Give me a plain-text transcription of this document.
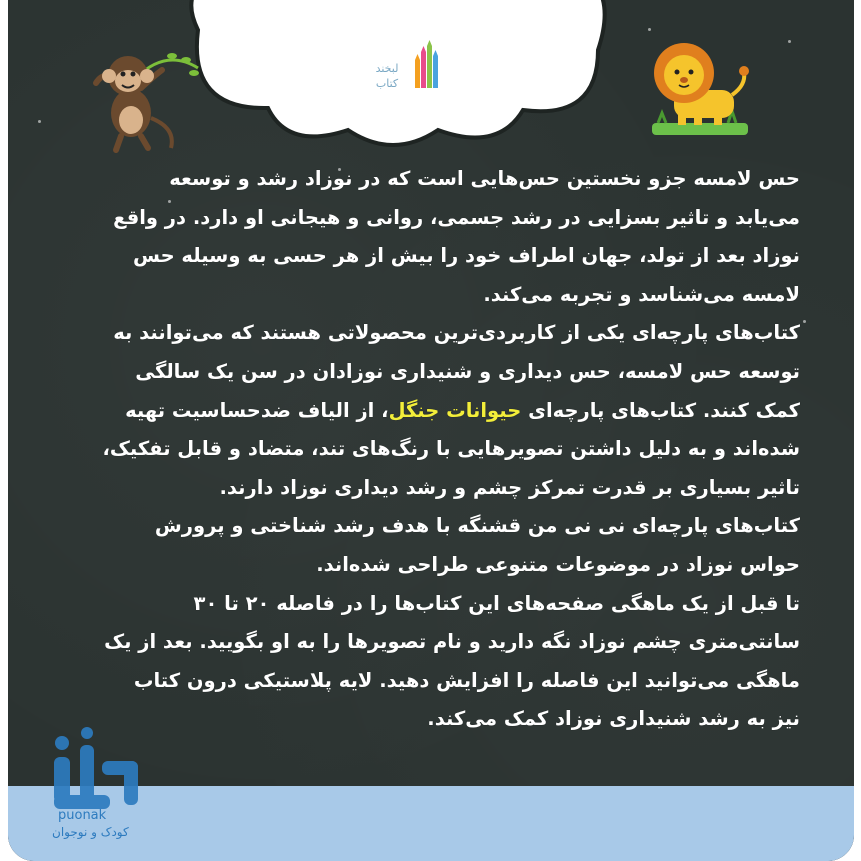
لبخند
کتاب

حس لامسه جزو نخستین حس‌هایی است که در نوزاد رشد و توسعه می‌یابد و تاثیر بسزایی در رشد جسمی، روانی و هیجانی او دارد. در واقع نوزاد بعد از تولد، جهان اطراف خود را بیش از هر حسی به وسیله حس لامسه می‌شناسد و تجربه می‌کند.

کتاب‌های پارچه‌ای یکی از کاربردی‌ترین محصولاتی هستند که می‌توانند به توسعه حس لامسه، حس دیداری و شنیداری نوزادان در سن یک سالگی کمک کنند. کتاب‌های پارچه‌ای حیوانات جنگل، از الیاف ضدحساسیت تهیه شده‌اند و به دلیل داشتن تصویرهایی با رنگ‌های تند، متضاد و قابل تفکیک، تاثیر بسیاری بر قدرت تمرکز چشم و رشد دیداری نوزاد دارند.

کتاب‌های پارچه‌ای نی نی من قشنگه با هدف رشد شناختی و پرورش حواس نوزاد در موضوعات متنوعی طراحی شده‌اند.

تا قبل از یک ماهگی صفحه‌های این کتاب‌ها را در فاصله ۲۰ تا ۳۰ سانتی‌متری چشم نوزاد نگه دارید و نام تصویرها را به او بگویید. بعد از یک ماهگی می‌توانید این فاصله را افزایش دهید. لایه پلاستیکی درون کتاب نیز به رشد شنیداری نوزاد کمک می‌کند.

puonak
کودک و نوجوان
